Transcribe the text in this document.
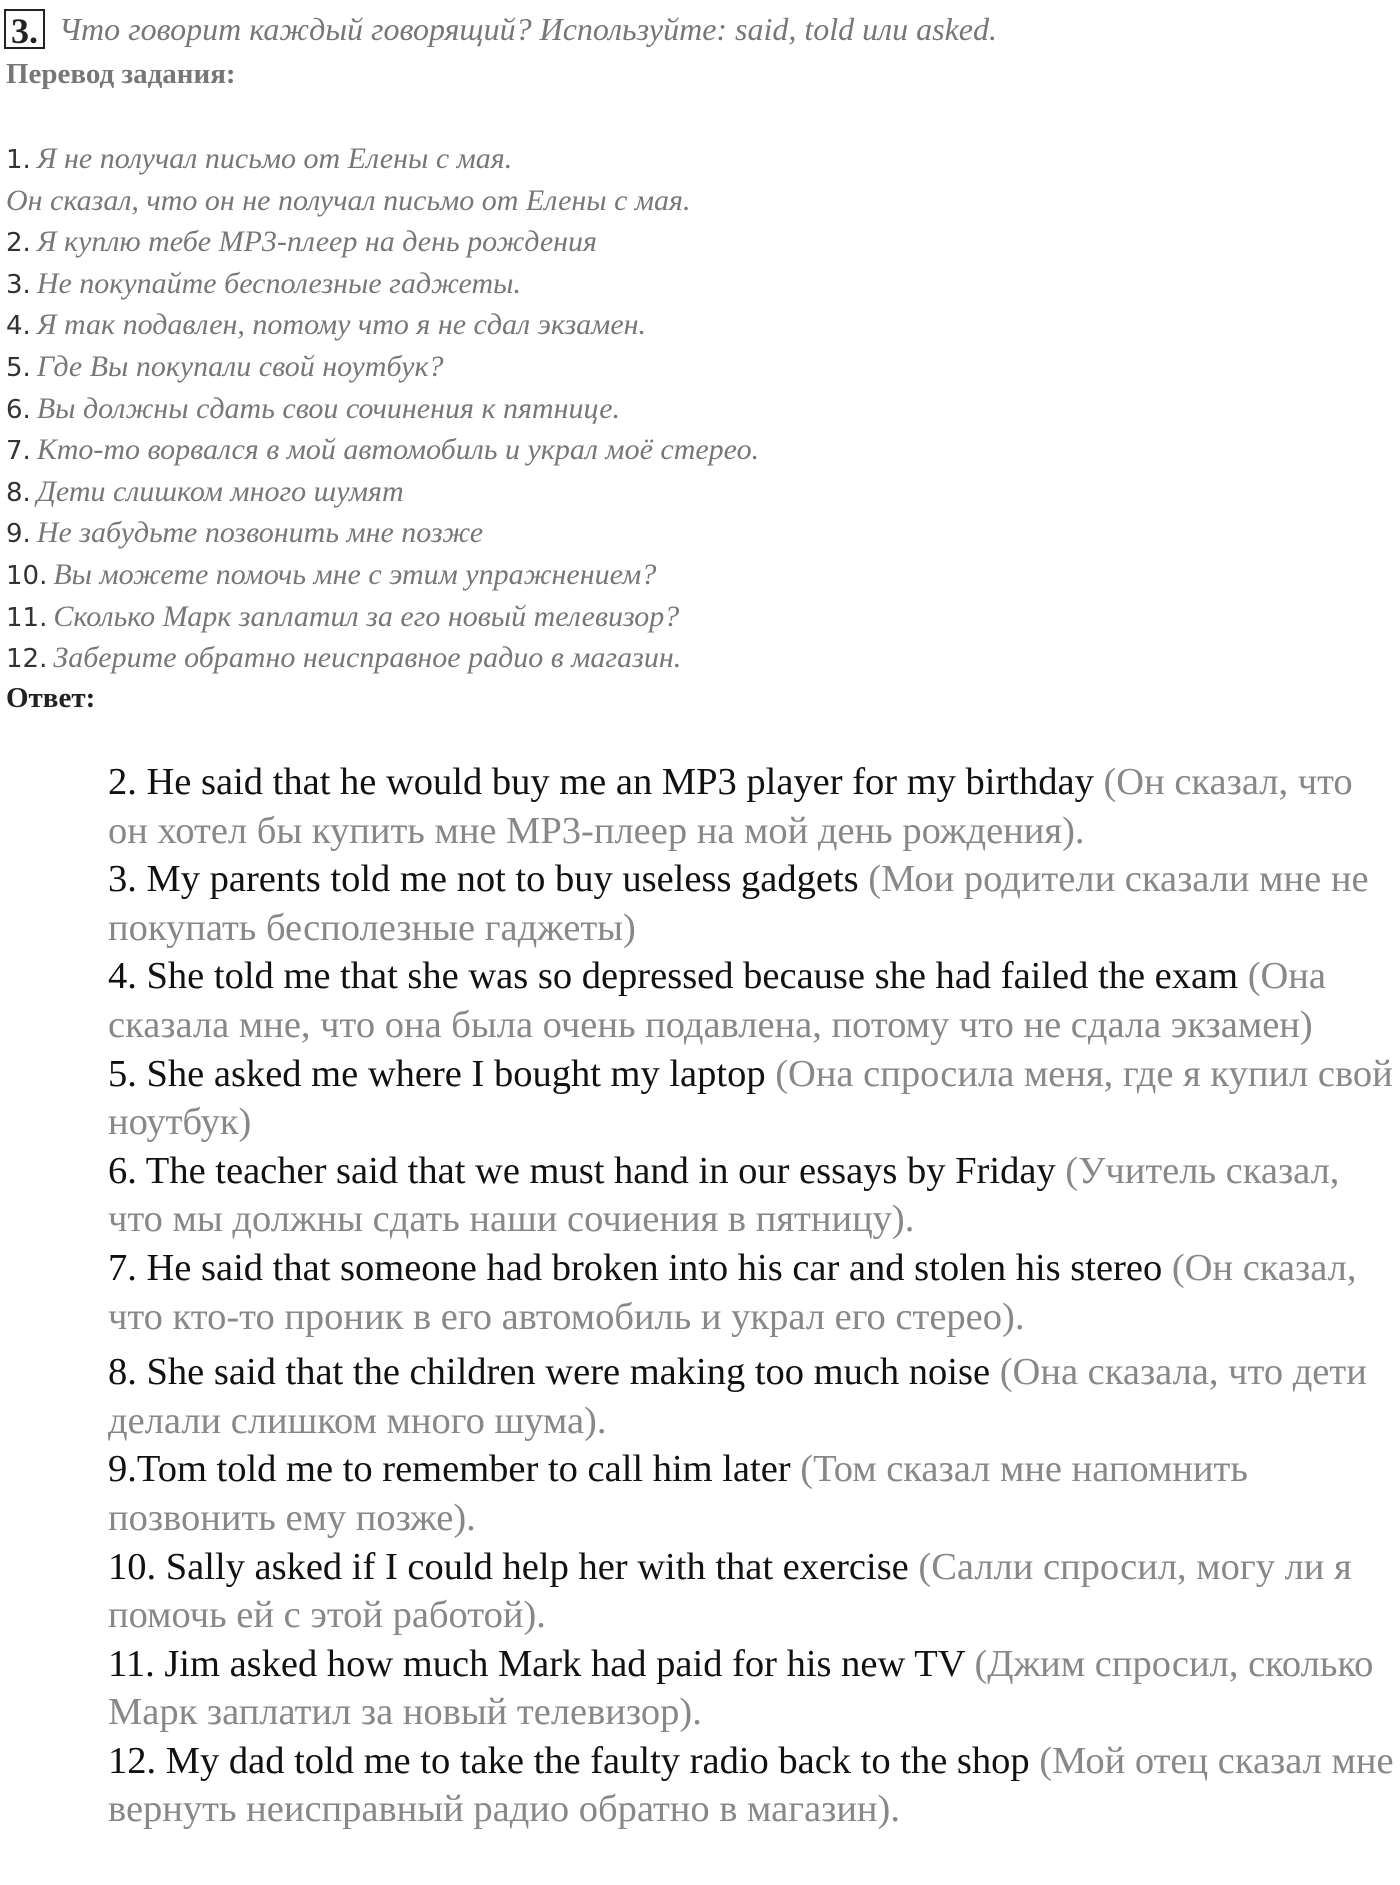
3. Что говорит каждый говорящий? Используйте: said, told или asked.
Перевод задания:
1. Я не получал письмо от Елены с мая.
Он сказал, что он не получал письмо от Елены с мая.
2. Я куплю тебе MP3-плеер на день рождения
3. Не покупайте бесполезные гаджеты.
4. Я так подавлен, потому что я не сдал экзамен.
5. Где Вы покупали свой ноутбук?
6. Вы должны сдать свои сочинения к пятнице.
7. Кто-то ворвался в мой автомобиль и украл моё стерео.
8. Дети слишком много шумят
9. Не забудьте позвонить мне позже
10. Вы можете помочь мне с этим упражнением?
11. Сколько Марк заплатил за его новый телевизор?
12. Заберите обратно неисправное радио в магазин.
Ответ:
2. He said that he would buy me an MP3 player for my birthday (Он сказал, что он хотел бы купить мне MP3-плеер на мой день рождения).
3. My parents told me not to buy useless gadgets (Мои родители сказали мне не покупать бесполезные гаджеты)
4. She told me that she was so depressed because she had failed the exam (Она сказала мне, что она была очень подавлена, потому что не сдала экзамен)
5. She asked me where I bought my laptop (Она спросила меня, где я купил свой ноутбук)
6. The teacher said that we must hand in our essays by Friday (Учитель сказал, что мы должны сдать наши сочиения в пятницу).
7. He said that someone had broken into his car and stolen his stereo (Он сказал, что кто-то проник в его автомобиль и украл его стерео).
8. She said that the children were making too much noise (Она сказала, что дети делали слишком много шума).
9.Tom told me to remember to call him later (Том сказал мне напомнить позвонить ему позже).
10. Sally asked if I could help her with that exercise (Салли спросил, могу ли я помочь ей с этой работой).
11. Jim asked how much Mark had paid for his new TV (Джим спросил, сколько Марк заплатил за новый телевизор).
12. My dad told me to take the faulty radio back to the shop (Мой отец сказал мне вернуть неисправный радио обратно в магазин).
